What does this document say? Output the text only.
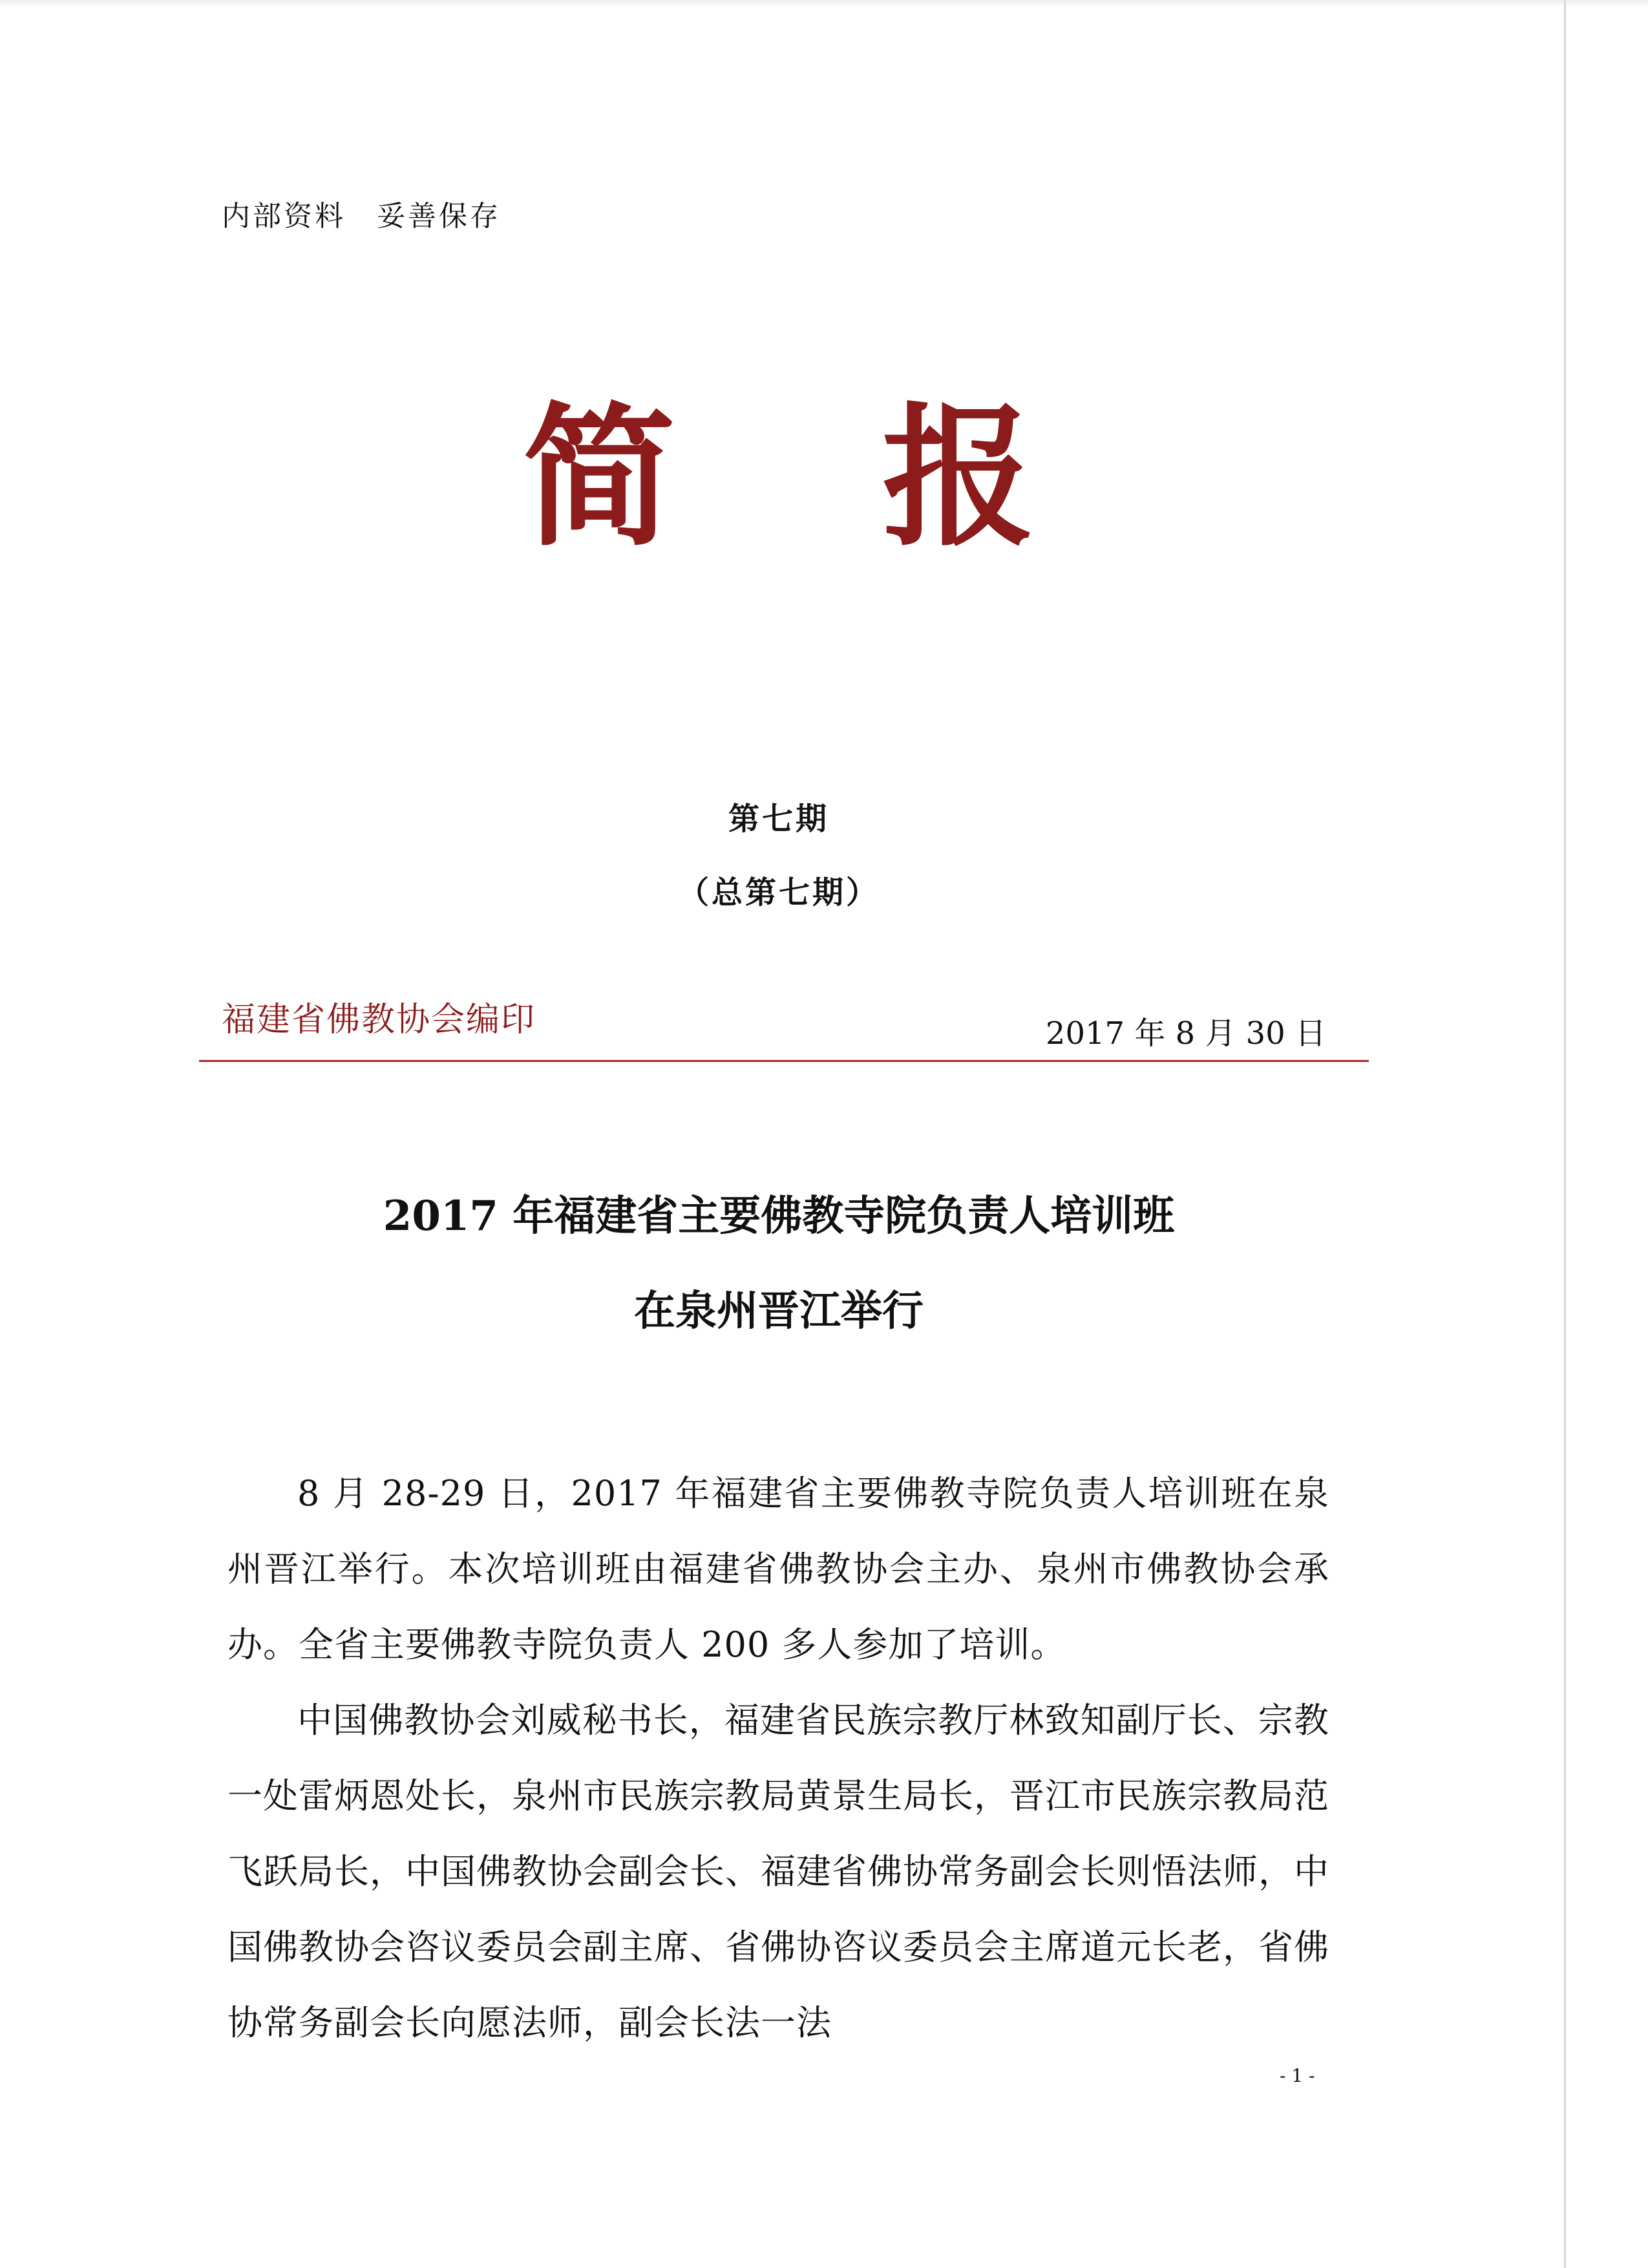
内部资料　妥善保存
简报
第七期
（总第七期）
福建省佛教协会编印	2017 年 8 月 30 日
2017 年福建省主要佛教寺院负责人培训班
在泉州晋江举行

8 月 28-29 日，2017 年福建省主要佛教寺院负责人培训班在泉州晋江举行。本次培训班由福建省佛教协会主办、泉州市佛教协会承办。全省主要佛教寺院负责人 200 多人参加了培训。

中国佛教协会刘威秘书长，福建省民族宗教厅林致知副厅长、宗教一处雷炳恩处长，泉州市民族宗教局黄景生局长，晋江市民族宗教局范飞跃局长，中国佛教协会副会长、福建省佛协常务副会长则悟法师，中国佛教协会咨议委员会副主席、省佛协咨议委员会主席道元长老，省佛协常务副会长向愿法师，副会长法一法

- 1 -
